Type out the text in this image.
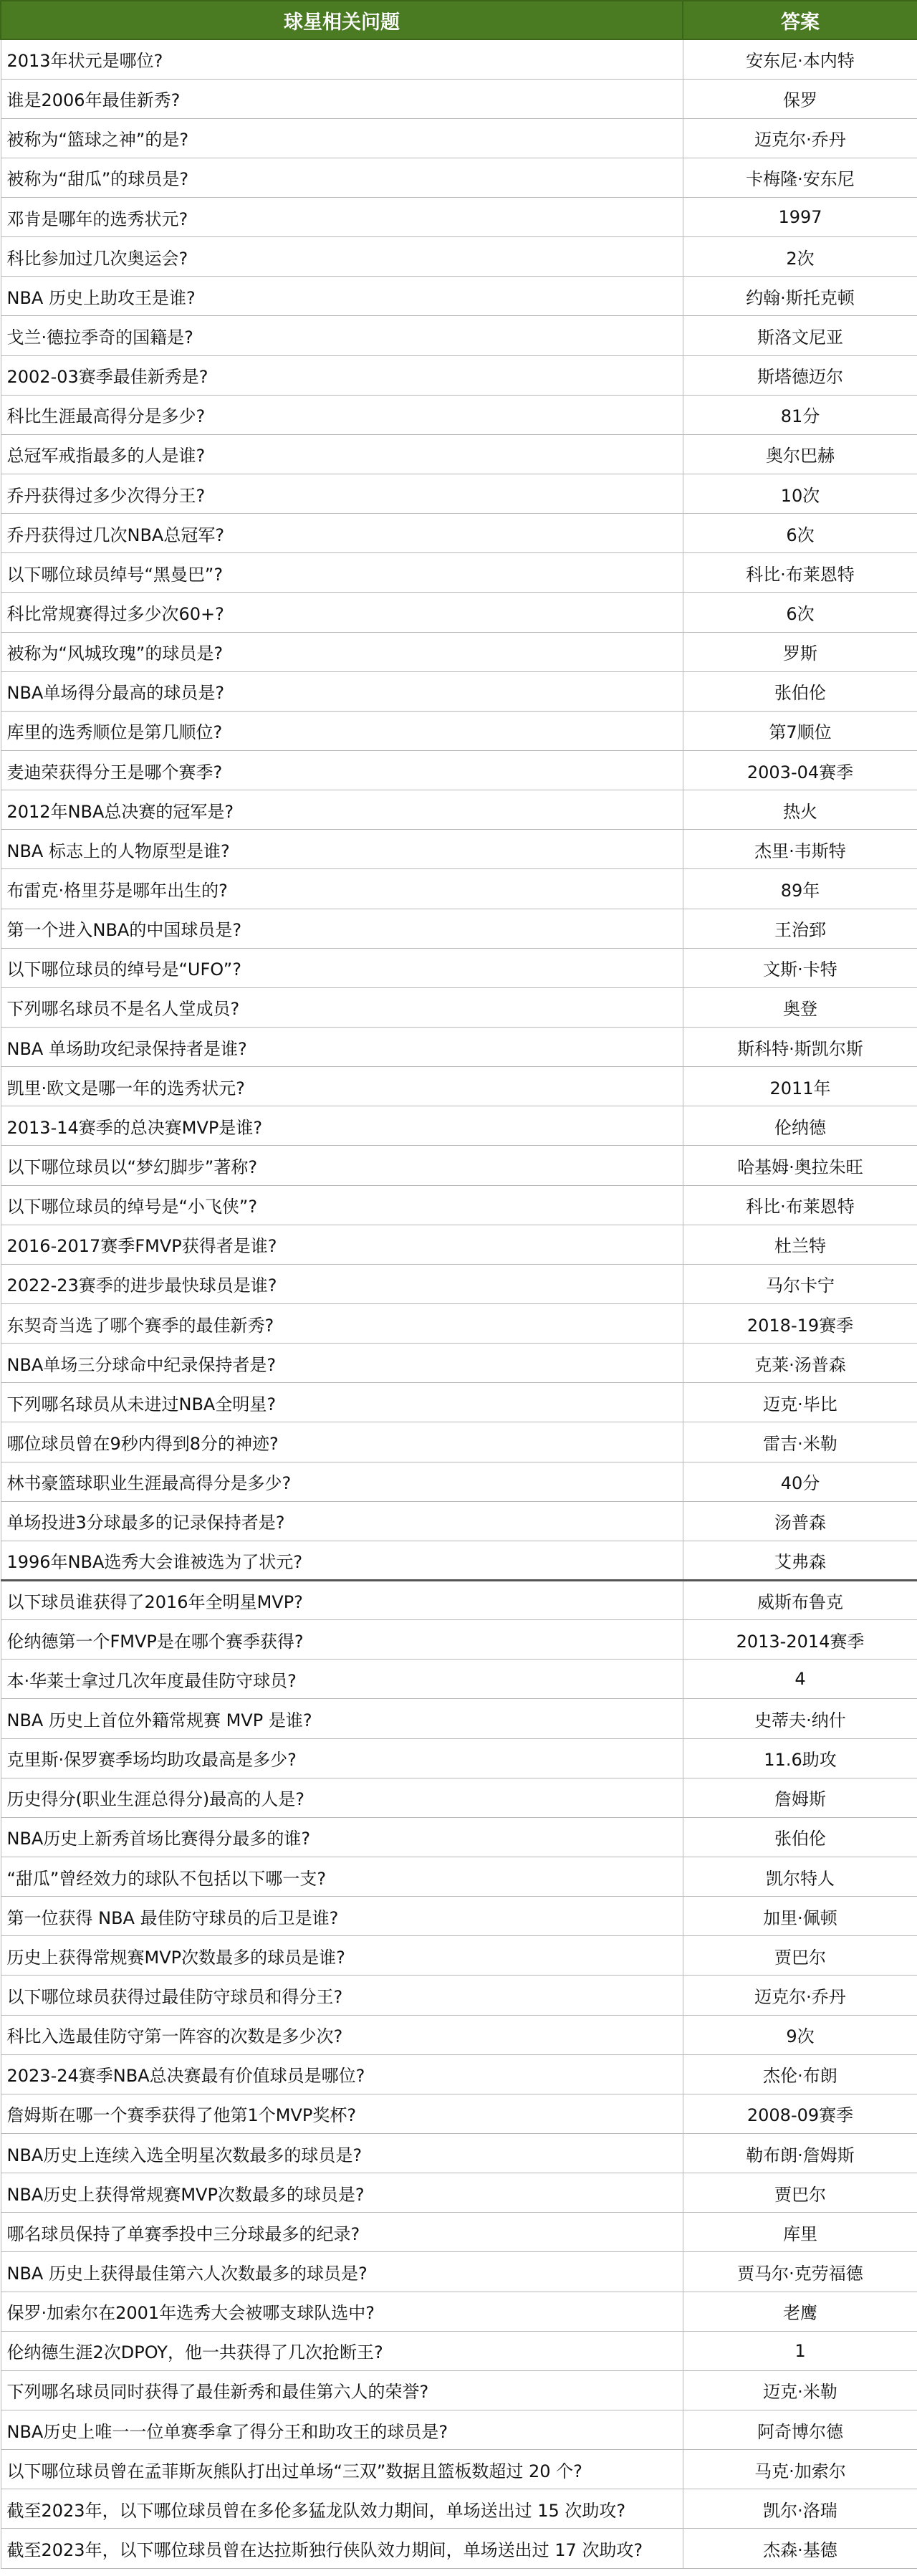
球星相关问题	答案
2013年状元是哪位?	安东尼·本内特
谁是2006年最佳新秀?	保罗
被称为“篮球之神”的是?	迈克尔·乔丹
被称为“甜瓜”的球员是?	卡梅隆·安东尼
邓肯是哪年的选秀状元?	1997
科比参加过几次奥运会?	2次
NBA 历史上助攻王是谁?	约翰·斯托克顿
戈兰·德拉季奇的国籍是?	斯洛文尼亚
2002-03赛季最佳新秀是?	斯塔德迈尔
科比生涯最高得分是多少?	81分
总冠军戒指最多的人是谁?	奥尔巴赫
乔丹获得过多少次得分王?	10次
乔丹获得过几次NBA总冠军?	6次
以下哪位球员绰号“黑曼巴”?	科比·布莱恩特
科比常规赛得过多少次60+?	6次
被称为“风城玫瑰”的球员是?	罗斯
NBA单场得分最高的球员是?	张伯伦
库里的选秀顺位是第几顺位?	第7顺位
麦迪荣获得分王是哪个赛季?	2003-04赛季
2012年NBA总决赛的冠军是?	热火
NBA 标志上的人物原型是谁?	杰里·韦斯特
布雷克·格里芬是哪年出生的?	89年
第一个进入NBA的中国球员是?	王治郅
以下哪位球员的绰号是“UFO”?	文斯·卡特
下列哪名球员不是名人堂成员?	奥登
NBA 单场助攻纪录保持者是谁?	斯科特·斯凯尔斯
凯里·欧文是哪一年的选秀状元?	2011年
2013-14赛季的总决赛MVP是谁?	伦纳德
以下哪位球员以“梦幻脚步”著称?	哈基姆·奥拉朱旺
以下哪位球员的绰号是“小飞侠”?	科比·布莱恩特
2016-2017赛季FMVP获得者是谁?	杜兰特
2022-23赛季的进步最快球员是谁?	马尔卡宁
东契奇当选了哪个赛季的最佳新秀?	2018-19赛季
NBA单场三分球命中纪录保持者是?	克莱·汤普森
下列哪名球员从未进过NBA全明星?	迈克·毕比
哪位球员曾在9秒内得到8分的神迹?	雷吉·米勒
林书豪篮球职业生涯最高得分是多少?	40分
单场投进3分球最多的记录保持者是?	汤普森
1996年NBA选秀大会谁被选为了状元?	艾弗森
以下球员谁获得了2016年全明星MVP?	威斯布鲁克
伦纳德第一个FMVP是在哪个赛季获得?	2013-2014赛季
本·华莱士拿过几次年度最佳防守球员?	4
NBA 历史上首位外籍常规赛 MVP 是谁?	史蒂夫·纳什
克里斯·保罗赛季场均助攻最高是多少?	11.6助攻
历史得分(职业生涯总得分)最高的人是?	詹姆斯
NBA历史上新秀首场比赛得分最多的谁?	张伯伦
“甜瓜”曾经效力的球队不包括以下哪一支?	凯尔特人
第一位获得 NBA 最佳防守球员的后卫是谁?	加里·佩顿
历史上获得常规赛MVP次数最多的球员是谁?	贾巴尔
以下哪位球员获得过最佳防守球员和得分王?	迈克尔·乔丹
科比入选最佳防守第一阵容的次数是多少次?	9次
2023-24赛季NBA总决赛最有价值球员是哪位?	杰伦·布朗
詹姆斯在哪一个赛季获得了他第1个MVP奖杯?	2008-09赛季
NBA历史上连续入选全明星次数最多的球员是?	勒布朗·詹姆斯
NBA历史上获得常规赛MVP次数最多的球员是?	贾巴尔
哪名球员保持了单赛季投中三分球最多的纪录?	库里
NBA 历史上获得最佳第六人次数最多的球员是?	贾马尔·克劳福德
保罗·加索尔在2001年选秀大会被哪支球队选中?	老鹰
伦纳德生涯2次DPOY，他一共获得了几次抢断王?	1
下列哪名球员同时获得了最佳新秀和最佳第六人的荣誉?	迈克·米勒
NBA历史上唯一一位单赛季拿了得分王和助攻王的球员是?	阿奇博尔德
以下哪位球员曾在孟菲斯灰熊队打出过单场“三双”数据且篮板数超过 20 个?	马克·加索尔
截至2023年，以下哪位球员曾在多伦多猛龙队效力期间，单场送出过 15 次助攻?	凯尔·洛瑞
截至2023年，以下哪位球员曾在达拉斯独行侠队效力期间，单场送出过 17 次助攻?	杰森·基德
